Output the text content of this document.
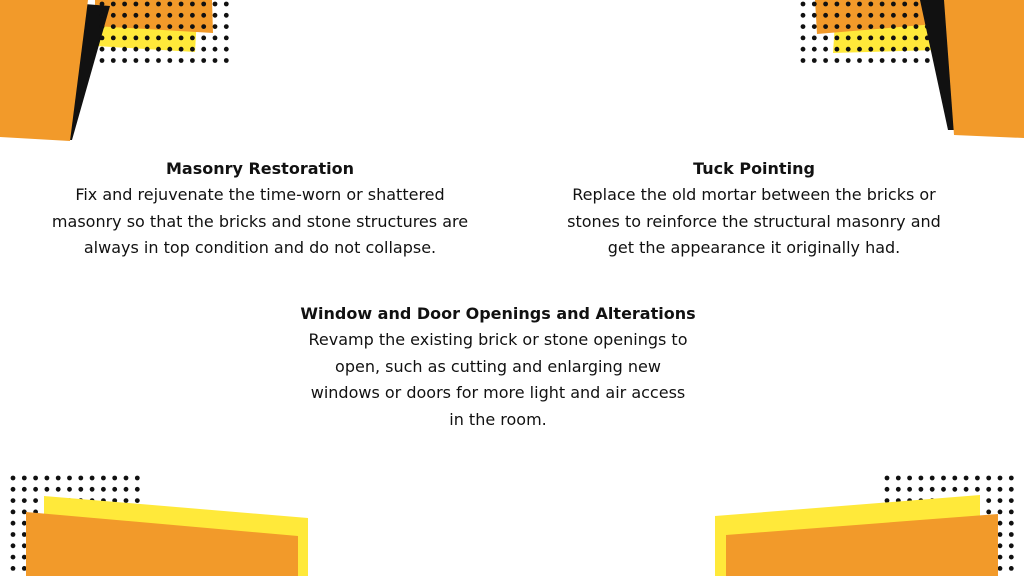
Masonry Restoration
Fix and rejuvenate the time-worn or shattered
masonry so that the bricks and stone structures are
always in top condition and do not collapse.
Tuck Pointing
Replace the old mortar between the bricks or
stones to reinforce the structural masonry and
get the appearance it originally had.
Window and Door Openings and Alterations
Revamp the existing brick or stone openings to
open, such as cutting and enlarging new
windows or doors for more light and air access
in the room.
